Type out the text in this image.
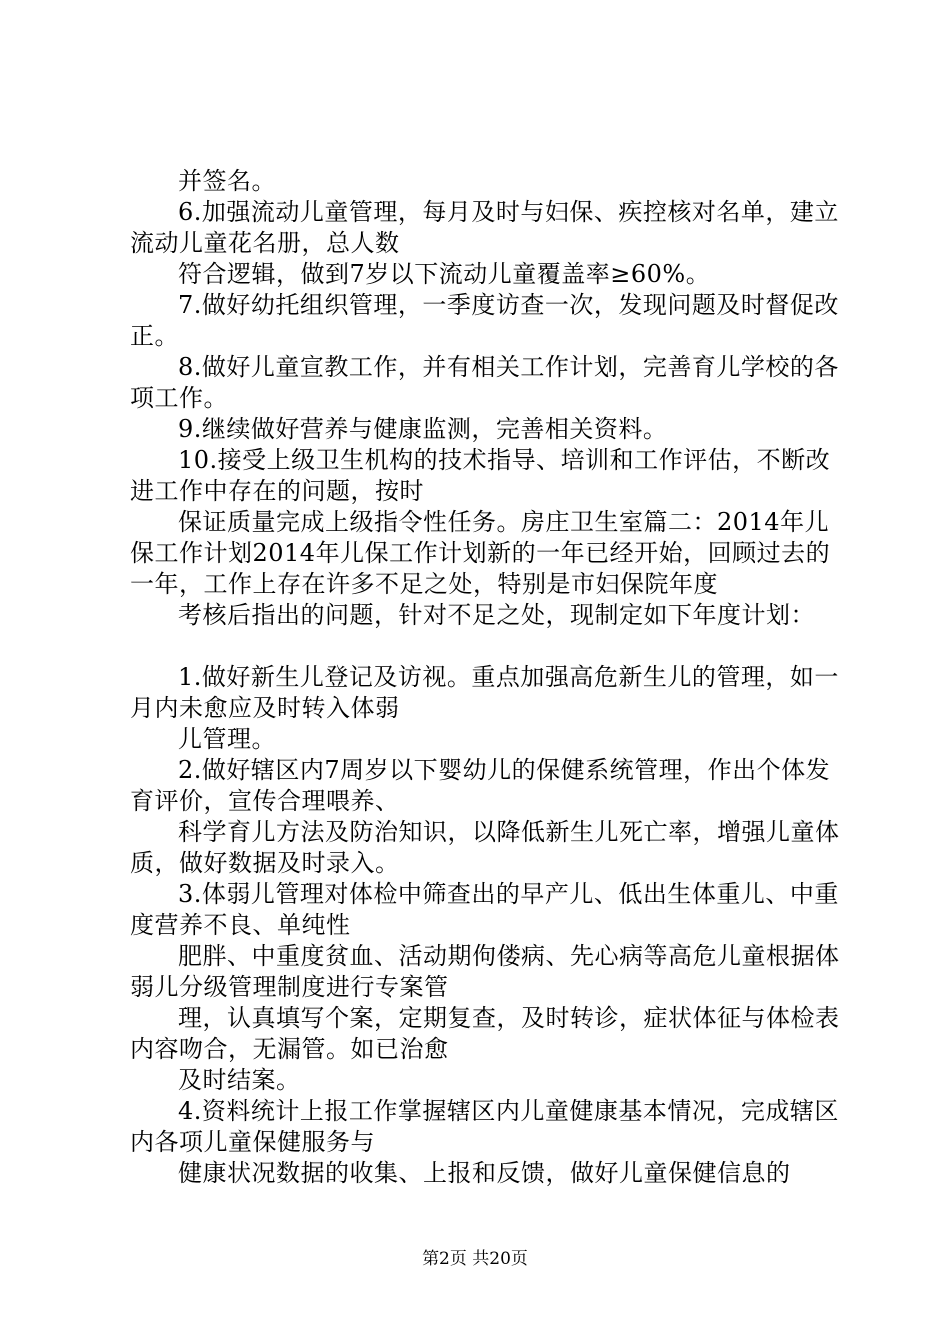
并签名。

6.加强流动儿童管理，每月及时与妇保、疾控核对名单，建立流动儿童花名册，总人数

符合逻辑，做到7岁以下流动儿童覆盖率≥60%。

7.做好幼托组织管理，一季度访查一次，发现问题及时督促改正。

8.做好儿童宣教工作，并有相关工作计划，完善育儿学校的各项工作。

9.继续做好营养与健康监测，完善相关资料。

10.接受上级卫生机构的技术指导、培训和工作评估，不断改进工作中存在的问题，按时

保证质量完成上级指令性任务。房庄卫生室篇二：2014年儿保工作计划2014年儿保工作计划新的一年已经开始，回顾过去的一年，工作上存在许多不足之处，特别是市妇保院年度

考核后指出的问题，针对不足之处，现制定如下年度计划：

1.做好新生儿登记及访视。重点加强高危新生儿的管理，如一月内未愈应及时转入体弱

儿管理。

2.做好辖区内7周岁以下婴幼儿的保健系统管理，作出个体发育评价，宣传合理喂养、

科学育儿方法及防治知识，以降低新生儿死亡率，增强儿童体质，做好数据及时录入。

3.体弱儿管理对体检中筛查出的早产儿、低出生体重儿、中重度营养不良、单纯性

肥胖、中重度贫血、活动期佝偻病、先心病等高危儿童根据体弱儿分级管理制度进行专案管

理，认真填写个案，定期复查，及时转诊，症状体征与体检表内容吻合，无漏管。如已治愈

及时结案。

4.资料统计上报工作掌握辖区内儿童健康基本情况，完成辖区内各项儿童保健服务与

健康状况数据的收集、上报和反馈，做好儿童保健信息的

第2页 共20页
